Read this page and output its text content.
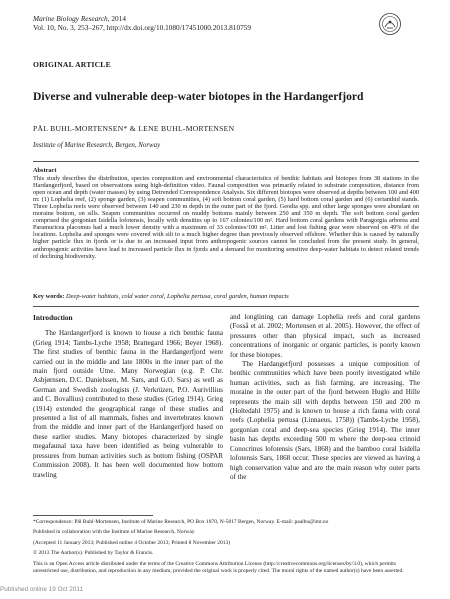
Marine Biology Research, 2014
Vol. 10, No. 3, 253–267, http://dx.doi.org/10.1080/17451000.2013.810759
ORIGINAL ARTICLE
Diverse and vulnerable deep-water biotopes in the Hardangerfjord
PÅL BUHL-MORTENSEN* & LENE BUHL-MORTENSEN
Institute of Marine Research, Bergen, Norway
Abstract
This study describes the distribution, species composition and environmental characteristics of benthic habitats and biotopes from 38 stations in the Hardangerfjord, based on observations using high-definition video. Faunal composition was primarily related to substrate composition, distance from open ocean and depth (water masses) by using Detrended Correspondence Analysis. Six different biotopes were observed at depths between 100 and 400 m: (1) Lophelia reef, (2) sponge garden, (3) seapen communities, (4) soft bottom coral garden, (5) hard bottom coral garden and (6) cerianthid stands. Three Lophelia reefs were observed between 140 and 230 m depth in the outer part of the fjord. Geodia spp. and other large sponges were abundant on moraine bottom, on sills. Seapen communities occurred on muddy bottoms mainly between 250 and 350 m depth. The soft bottom coral garden comprised the gorgonian Isidella lofotensis, locally with densities up to 167 colonies/100 m². Hard bottom coral gardens with Paragorgia arborea and Paramuricea placomus had a much lower density with a maximum of 33 colonies/100 m². Litter and lost fishing gear were observed on 49% of the locations. Lophelia and sponges were covered with silt to a much higher degree than previously observed offshore. Whether this is caused by naturally higher particle flux in fjords or is due to an increased input from anthropogenic sources cannot be concluded from the present study. In general, anthropogenic activities have lead to increased particle flux in fjords and a demand for monitoring sensitive deep-water habitats to detect related trends of declining biodiversity.
Key words: Deep-water habitats, cold water coral, Lophelia pertusa, coral garden, human impacts

Introduction

The Hardangerfjord is known to house a rich benthic fauna (Grieg 1914; Tambs-Lyche 1958; Brattegard 1966; Beyer 1968). The first studies of benthic fauna in the Hardangerfjord were carried out in the middle and late 1800s in the inner part of the main fjord outside Utne. Many Norwegian (e.g. P. Chr. Asbjørnsen, D.C. Danielssen, M. Sars, and G.O. Sars) as well as German and Swedish zoologists (J. Verkrüzen, P.O. Aurivillius and C. Bovallius) contributed to these studies (Grieg 1914). Grieg (1914) extended the geographical range of these studies and presented a list of all mammals, fishes and invertebrates known from the middle and inner part of the Hardangerfjord based on these earlier studies. Many biotopes characterized by single megafaunal taxa have been identified as being vulnerable to pressures from human activities such as bottom fishing (OSPAR Commission 2008). It has been well documented how bottom trawling

and longlining can damage Lophelia reefs and coral gardens (Fosså et al. 2002; Mortensen et al. 2005). However, the effect of pressures other than physical impact, such as increased concentrations of inorganic or organic particles, is poorly known for these biotopes.

The Hardangerfjord possesses a unique composition of benthic communities which have been poorly investigated while human activities, such as fish farming, are increasing. The moraine in the outer part of the fjord between Huglo and Hille represents the main sill with depths between 150 and 200 m (Holtedahl 1975) and is known to house a rich fauna with coral reefs (Lophelia pertusa (Linnaeus, 1758)) (Tambs-Lyche 1958), gorgonian coral and deep-sea species (Grieg 1914). The inner basin has depths exceeding 500 m where the deep-sea crinoid Conocrinus lofotensis (Sars, 1868) and the bamboo coral Isidella lofotensis Sars, 1868 occur. These species are viewed as having a high conservation value and are the main reason why outer parts of the

*Correspondence: Pål Buhl-Mortensen, Institute of Marine Research, PO Box 1870, N-5817 Bergen, Norway. E-mail: paalbu@imr.no

Published in collaboration with the Institute of Marine Research, Norway

(Accepted 11 January 2013; Published online 4 October 2013; Printed 8 November 2013)

© 2013 The Author(s). Published by Taylor & Francis.

This is an Open Access article distributed under the terms of the Creative Commons Attribution License (http://creativecommons.org/licenses/by/3.0), which permits unrestricted use, distribution, and reproduction in any medium, provided the original work is properly cited. The moral rights of the named author(s) have been asserted.

Published online 19 Oct 2011
